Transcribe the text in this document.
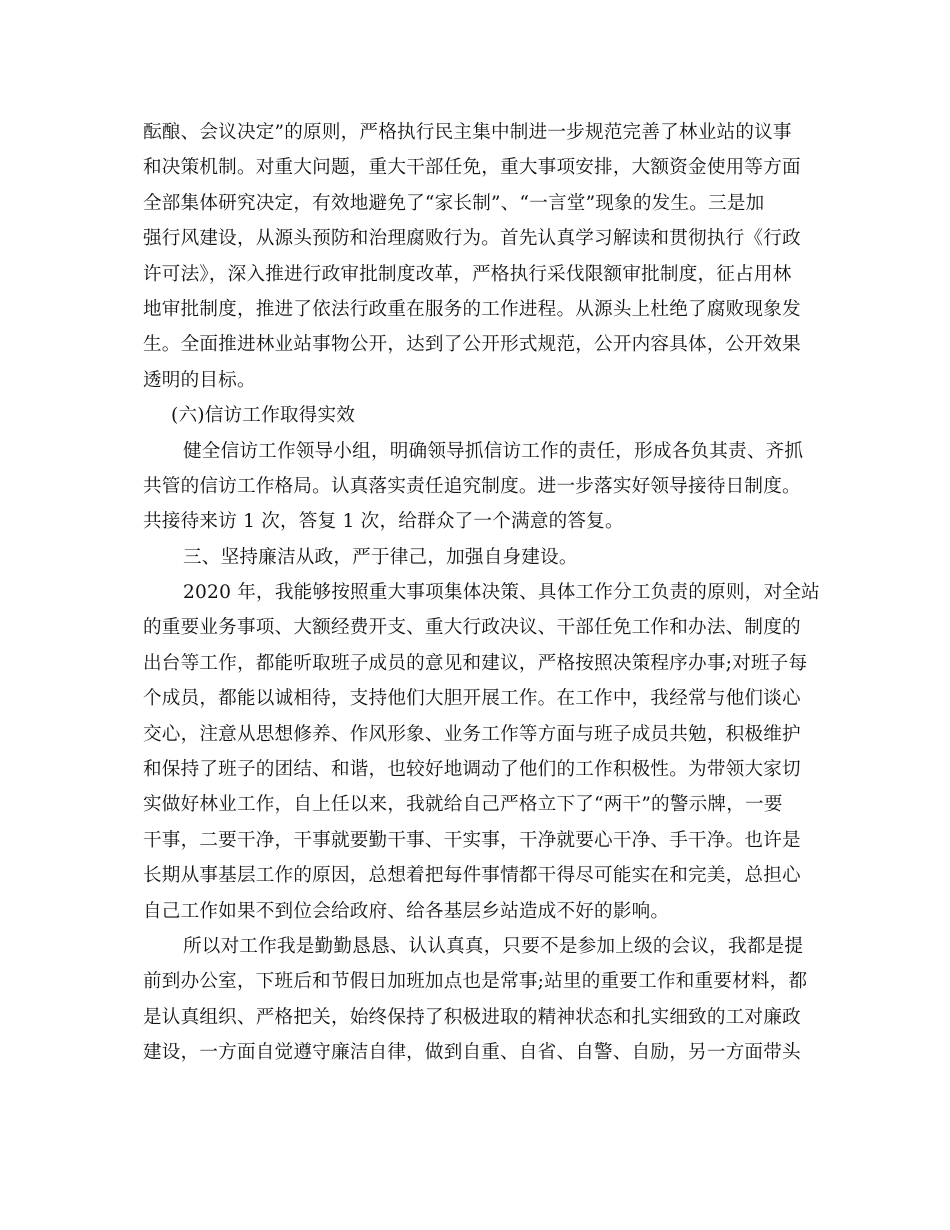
酝酿、会议决定”的原则，严格执行民主集中制进一步规范完善了林业站的议事
和决策机制。对重大问题，重大干部任免，重大事项安排，大额资金使用等方面
全部集体研究决定，有效地避免了“家长制”、“一言堂”现象的发生。三是加
强行风建设，从源头预防和治理腐败行为。首先认真学习解读和贯彻执行《行政
许可法》，深入推进行政审批制度改革，严格执行采伐限额审批制度，征占用林
地审批制度，推进了依法行政重在服务的工作进程。从源头上杜绝了腐败现象发
生。全面推进林业站事物公开，达到了公开形式规范，公开内容具体，公开效果
透明的目标。
(六)信访工作取得实效
健全信访工作领导小组，明确领导抓信访工作的责任，形成各负其责、齐抓
共管的信访工作格局。认真落实责任追究制度。进一步落实好领导接待日制度。
共接待来访 1 次，答复 1 次，给群众了一个满意的答复。
三、坚持廉洁从政，严于律己，加强自身建设。
2020 年，我能够按照重大事项集体决策、具体工作分工负责的原则，对全站
的重要业务事项、大额经费开支、重大行政决议、干部任免工作和办法、制度的
出台等工作，都能听取班子成员的意见和建议，严格按照决策程序办事;对班子每
个成员，都能以诚相待，支持他们大胆开展工作。在工作中，我经常与他们谈心
交心，注意从思想修养、作风形象、业务工作等方面与班子成员共勉，积极维护
和保持了班子的团结、和谐，也较好地调动了他们的工作积极性。为带领大家切
实做好林业工作，自上任以来，我就给自己严格立下了“两干”的警示牌，一要
干事，二要干净，干事就要勤干事、干实事，干净就要心干净、手干净。也许是
长期从事基层工作的原因，总想着把每件事情都干得尽可能实在和完美，总担心
自己工作如果不到位会给政府、给各基层乡站造成不好的影响。
所以对工作我是勤勤恳恳、认认真真，只要不是参加上级的会议，我都是提
前到办公室，下班后和节假日加班加点也是常事;站里的重要工作和重要材料，都
是认真组织、严格把关，始终保持了积极进取的精神状态和扎实细致的工对廉政
建设，一方面自觉遵守廉洁自律，做到自重、自省、自警、自励，另一方面带头
